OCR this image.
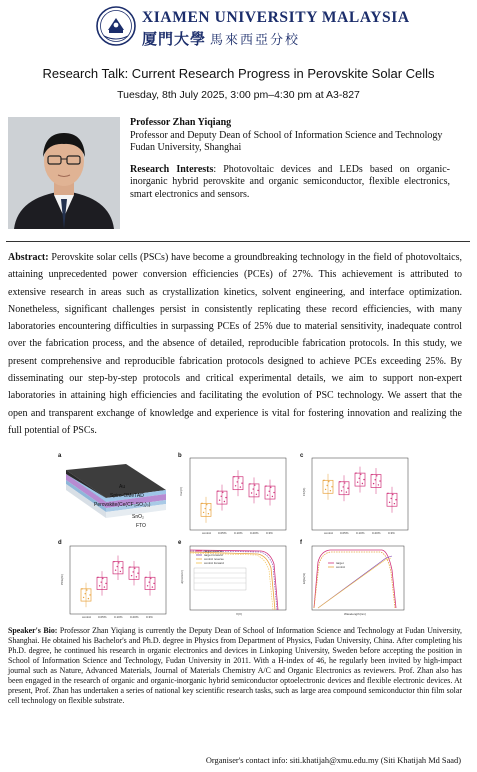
XIAMEN UNIVERSITY MALAYSIA
厦門大學 馬來西亞分校
Research Talk: Current Research Progress in Perovskite Solar Cells
Tuesday, 8th July 2025, 3:00 pm–4:30 pm at A3-827
Professor Zhan Yiqiang
Professor and Deputy Dean of School of Information Science and Technology
Fudan University, Shanghai
Research Interests: Photovoltaic devices and LEDs based on organic-inorganic hybrid perovskite and organic semiconductor, flexible electronics, smart electronics and sensors.
Abstract: Perovskite solar cells (PSCs) have become a groundbreaking technology in the field of photovoltaics, attaining unprecedented power conversion efficiencies (PCEs) of 27%. This achievement is attributed to extensive research in areas such as crystallization kinetics, solvent engineering, and interface optimization. Nonetheless, significant challenges persist in consistently replicating these record efficiencies, with many laboratories encountering difficulties in surpassing PCEs of 25% due to material sensitivity, inadequate control over the fabrication process, and the absence of detailed, reproducible fabrication protocols. In this study, we present comprehensive and reproducible fabrication protocols designed to achieve PCEs exceeding 25%. By disseminating our step-by-step protocols and critical experimental details, we aim to support non-expert laboratories in attaining high efficiencies and facilitating the evolution of PSC technology. We assert that the open and transparent exchange of knowledge and experience is vital for fostering innovation and realizing the full potential of PSCs.
a
Au
Spiro-OMeTAD
Perovskite(Ce(CF₃SO₃)₃)
SnO₂
FTO
b
Voc(V)
control 0.05% 0.10% 0.20% 0.3%
c
FF(%)
control 0.05% 0.10% 0.20% 0.3%
d
PCE(%)
control 0.05% 0.10% 0.20% 0.3%
e
J(mA/cm²)
V(V)
target reverse
target forward
control reverse
control forward
f
EQE(%)
Wavelength(nm)
target
control
Speaker's Bio: Professor Zhan Yiqiang is currently the Deputy Dean of School of Information Science and Technology at Fudan University, Shanghai. He obtained his Bachelor's and Ph.D. degree in Physics from Department of Physics, Fudan University, China. After completing his Ph.D. degree, he continued his research in organic electronics and devices in Linkoping University, Sweden before accepting the position in School of Information Science and Technology, Fudan University in 2011. With a H-index of 46, he regularly been invited by high-impact journal such as Nature, Advanced Materials, Journal of Materials Chemistry A/C and Organic Electronics as reviewers. Prof. Zhan also has been engaged in the research of organic and organic-inorganic hybrid semiconductor optoelectronic devices and flexible electronic devices. At present, Prof. Zhan has undertaken a series of national key scientific research tasks, such as large area compound semiconductor thin film solar cell technology on flexible substrate.
Organiser's contact info: siti.khatijah@xmu.edu.my (Siti Khatijah Md Saad)
